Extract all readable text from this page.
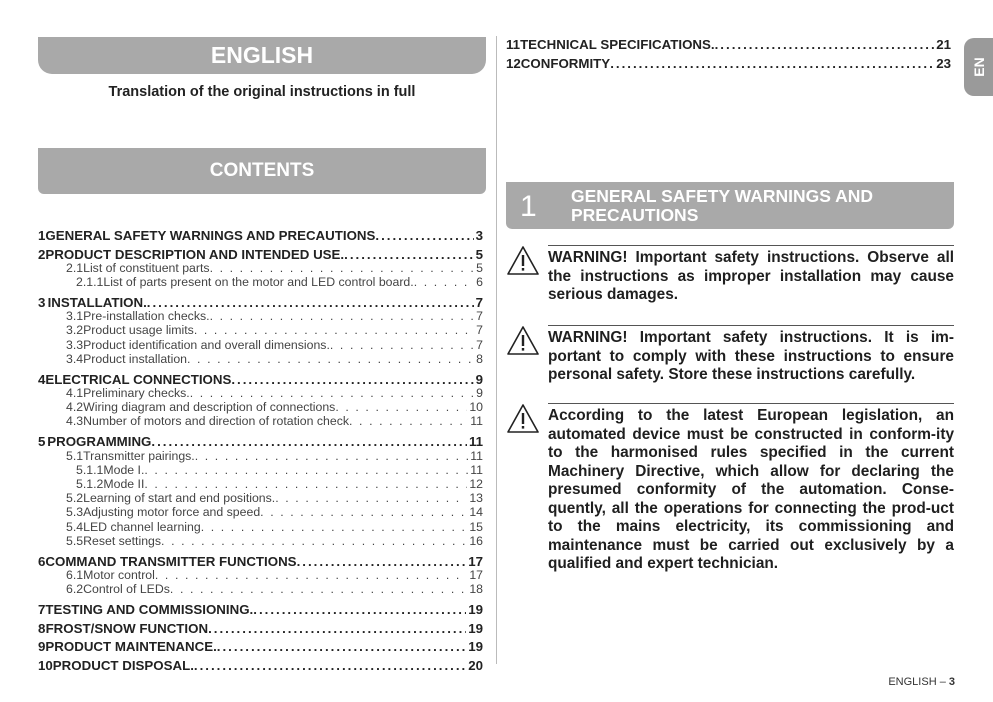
ENGLISH
Translation of the original instructions in full
CONTENTS
1 GENERAL SAFETY WARNINGS AND PRECAUTIONS .....	3
2 PRODUCT DESCRIPTION AND INTENDED USE. .....	5
2.1 List of constituent parts . . .	5
2.1.1 List of parts present on the motor and LED control board. . . .	6
3 INSTALLATION. .....	7
3.1 Pre-installation checks. . . .	7
3.2 Product usage limits . . .	7
3.3 Product identification and overall dimensions. . . .	7
3.4 Product installation . . .	8
4 ELECTRICAL CONNECTIONS .....	9
4.1 Preliminary checks. . . .	9
4.2 Wiring diagram and description of connections . . .	10
4.3 Number of motors and direction of rotation check . . .	11
5 PROGRAMMING .....	11
5.1 Transmitter pairings. . . .	11
5.1.1 Mode I. . . .	11
5.1.2 Mode II . . .	12
5.2 Learning of start and end positions. . . .	13
5.3 Adjusting motor force and speed . . .	14
5.4 LED channel learning . . .	15
5.5 Reset settings . . .	16
6 COMMAND TRANSMITTER FUNCTIONS .....	17
6.1 Motor control . . .	17
6.2 Control of LEDs . . .	18
7 TESTING AND COMMISSIONING. .....	19
8 FROST/SNOW FUNCTION .....	19
9 PRODUCT MAINTENANCE. .....	19
10 PRODUCT DISPOSAL. .....	20
11 TECHNICAL SPECIFICATIONS. .....	21
12 CONFORMITY .....	23
1 GENERAL SAFETY WARNINGS AND PRECAUTIONS
WARNING! Important safety instructions. Observe all the instructions as improper installation may cause serious damages.
WARNING! Important safety instructions. It is im-portant to comply with these instructions to ensure personal safety. Store these instructions carefully.
According to the latest European legislation, an automated device must be constructed in conform-ity to the harmonised rules specified in the current Machinery Directive, which allow for declaring the presumed conformity of the automation. Conse-quently, all the operations for connecting the prod-uct to the mains electricity, its commissioning and maintenance must be carried out exclusively by a qualified and expert technician.
EN
ENGLISH – 3
